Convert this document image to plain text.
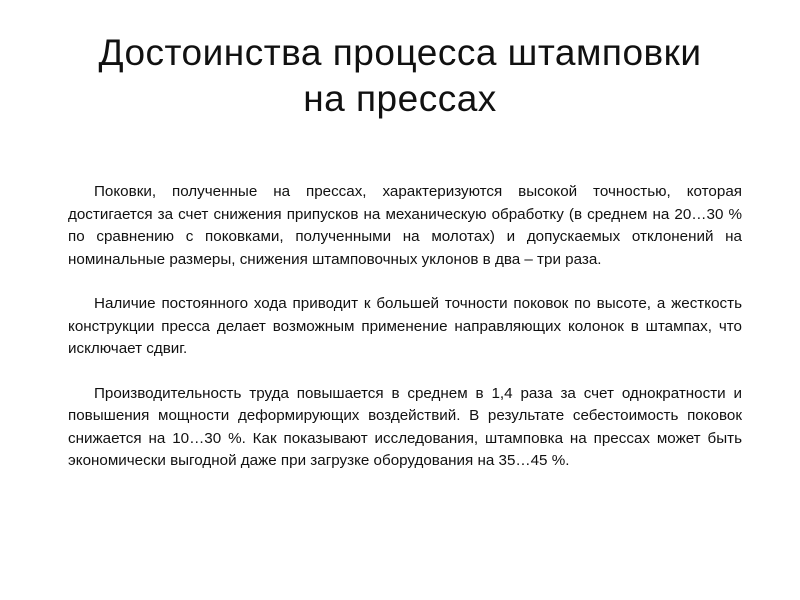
Достоинства процесса штамповки
на прессах

Поковки, полученные на прессах, характеризуются высокой точностью, которая достигается за счет снижения припусков на механическую обработку (в среднем на 20…30 % по сравнению с поковками, полученными на молотах) и допускаемых отклонений на номинальные размеры, снижения штамповочных уклонов в два – три раза.

Наличие постоянного хода приводит к большей точности поковок по высоте, а жесткость конструкции пресса делает возможным применение направляющих колонок в штампах, что исключает сдвиг.

Производительность труда повышается в среднем в 1,4 раза за счет однократности и повышения мощности деформирующих воздействий. В результате себестоимость поковок снижается на 10…30 %. Как показывают исследования, штамповка на прессах может быть экономически выгодной даже при загрузке оборудования на 35…45 %.
